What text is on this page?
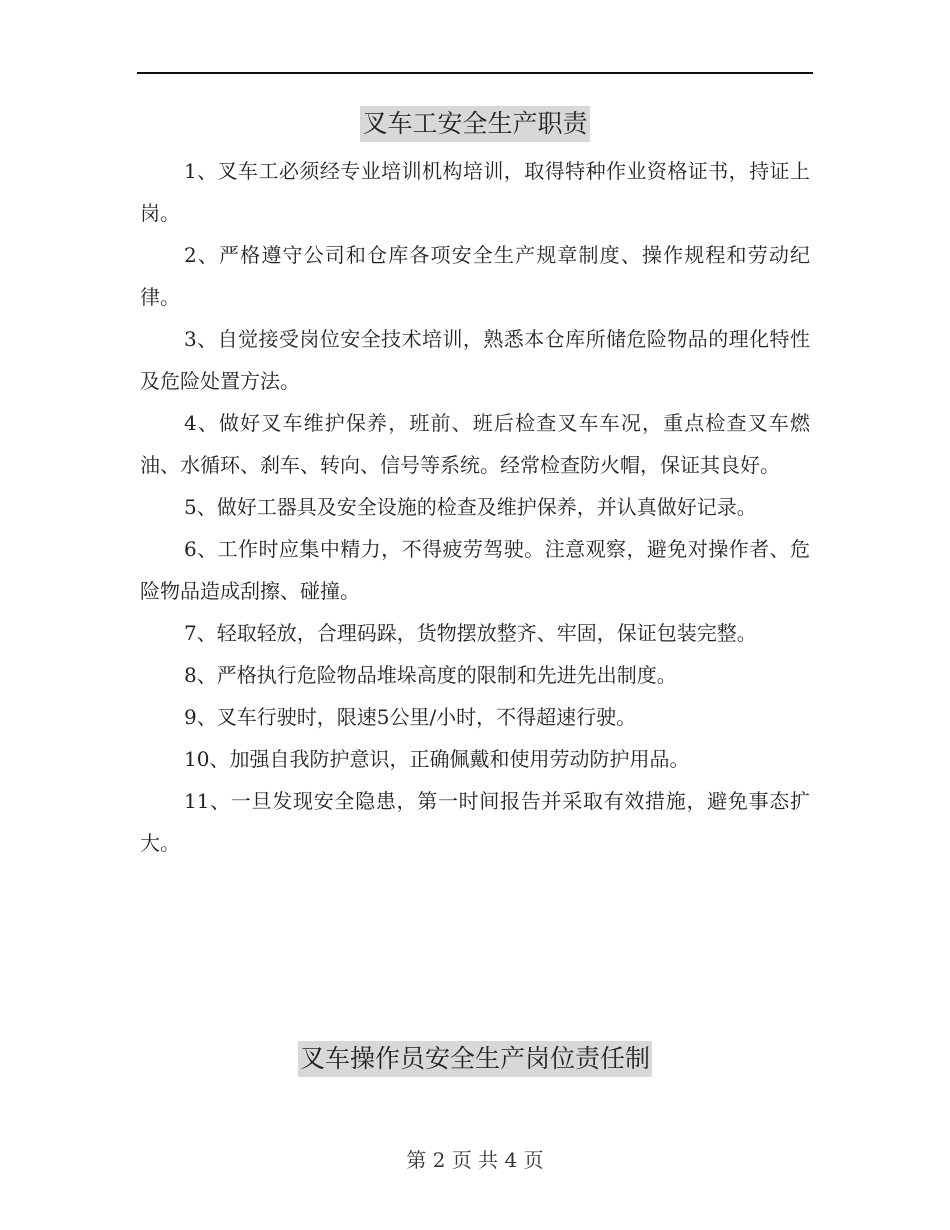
叉车工安全生产职责

1、叉车工必须经专业培训机构培训，取得特种作业资格证书，持证上岗。

2、严格遵守公司和仓库各项安全生产规章制度、操作规程和劳动纪律。

3、自觉接受岗位安全技术培训，熟悉本仓库所储危险物品的理化特性及危险处置方法。

4、做好叉车维护保养，班前、班后检查叉车车况，重点检查叉车燃油、水循环、刹车、转向、信号等系统。经常检查防火帽，保证其良好。

5、做好工器具及安全设施的检查及维护保养，并认真做好记录。

6、工作时应集中精力，不得疲劳驾驶。注意观察，避免对操作者、危险物品造成刮擦、碰撞。

7、轻取轻放，合理码跺，货物摆放整齐、牢固，保证包装完整。

8、严格执行危险物品堆垛高度的限制和先进先出制度。

9、叉车行驶时，限速5公里/小时，不得超速行驶。

10、加强自我防护意识，正确佩戴和使用劳动防护用品。

11、一旦发现安全隐患，第一时间报告并采取有效措施，避免事态扩大。

叉车操作员安全生产岗位责任制
第 2 页 共 4 页
